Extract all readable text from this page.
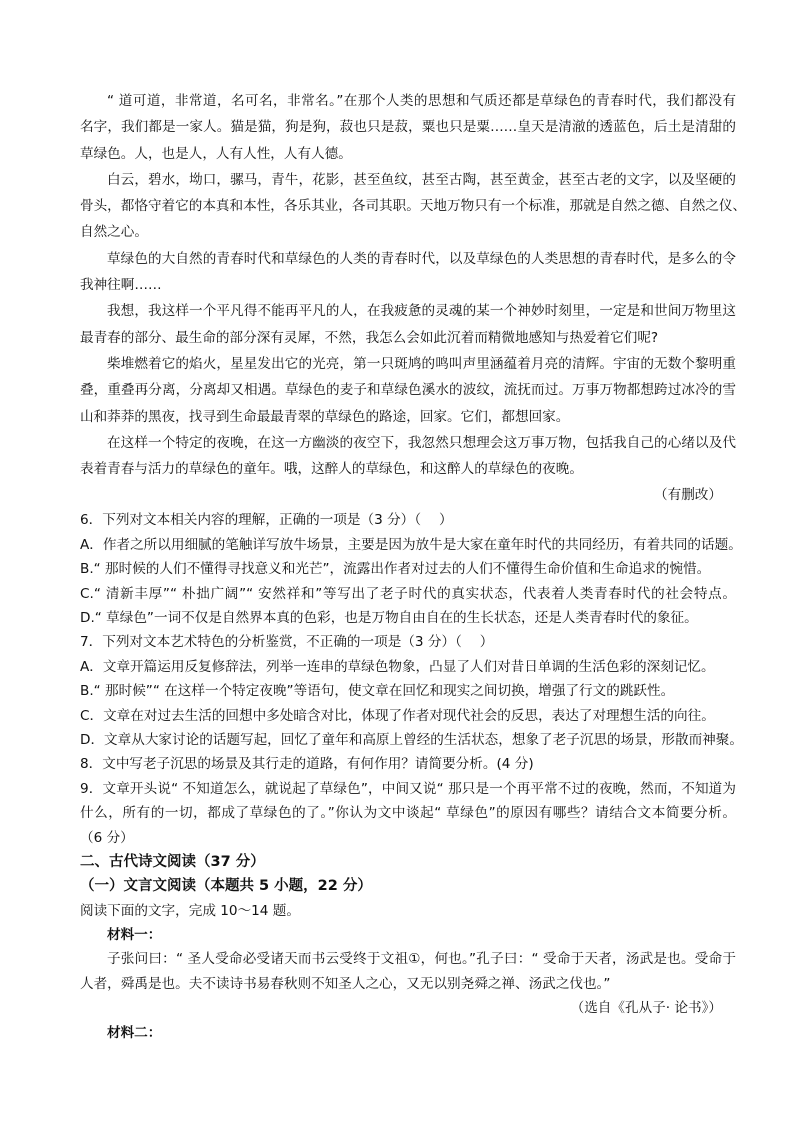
“ 道可道，非常道，名可名，非常名。”在那个人类的思想和气质还都是草绿色的青春时代，我们都没有
名字，我们都是一家人。猫是猫，狗是狗，菽也只是菽，粟也只是粟……皇天是清澈的透蓝色，后土是清甜的
草绿色。人，也是人，人有人性，人有人德。
白云，碧水，坳口，骡马，青牛，花影，甚至鱼纹，甚至古陶，甚至黄金，甚至古老的文字，以及坚硬的
骨头，都恪守着它的本真和本性，各乐其业，各司其职。天地万物只有一个标准，那就是自然之德、自然之仪、
自然之心。
草绿色的大自然的青春时代和草绿色的人类的青春时代，以及草绿色的人类思想的青春时代，是多么的令
我神往啊……
我想，我这样一个平凡得不能再平凡的人，在我疲惫的灵魂的某一个神妙时刻里，一定是和世间万物里这
最青春的部分、最生命的部分深有灵犀，不然，我怎么会如此沉着而精微地感知与热爱着它们呢?
柴堆燃着它的焰火，星星发出它的光亮，第一只斑鸠的鸣叫声里涵蕴着月亮的清辉。宇宙的无数个黎明重
叠，重叠再分离，分离却又相遇。草绿色的麦子和草绿色溪水的波纹，流抚而过。万事万物都想跨过冰冷的雪
山和莽莽的黑夜，找寻到生命最最青翠的草绿色的路途，回家。它们，都想回家。
在这样一个特定的夜晚，在这一方幽淡的夜空下，我忽然只想理会这万事万物，包括我自己的心绪以及代
表着青春与活力的草绿色的童年。哦，这醉人的草绿色，和这醉人的草绿色的夜晚。
（有删改）
6．下列对文本相关内容的理解，正确的一项是（3 分）（　 ）
A．作者之所以用细腻的笔触详写放牛场景，主要是因为放牛是大家在童年时代的共同经历，有着共同的话题。
B.“ 那时候的人们不懂得寻找意义和光芒”，流露出作者对过去的人们不懂得生命价值和生命追求的惋惜。
C.“ 清新丰厚”“ 朴拙广阔”“ 安然祥和”等写出了老子时代的真实状态，代表着人类青春时代的社会特点。
D.“ 草绿色”一词不仅是自然界本真的色彩，也是万物自由自在的生长状态，还是人类青春时代的象征。
7．下列对文本艺术特色的分析鉴赏，不正确的一项是（3 分）（　 ）
A．文章开篇运用反复修辞法，列举一连串的草绿色物象，凸显了人们对昔日单调的生活色彩的深刻记忆。
B.“ 那时候”“ 在这样一个特定夜晚”等语句，使文章在回忆和现实之间切换，增强了行文的跳跃性。
C．文章在对过去生活的回想中多处暗含对比，体现了作者对现代社会的反思，表达了对理想生活的向往。
D．文章从大家讨论的话题写起，回忆了童年和高原上曾经的生活状态，想象了老子沉思的场景，形散而神聚。
8．文中写老子沉思的场景及其行走的道路，有何作用？请简要分析。(4 分)
9．文章开头说“ 不知道怎么，就说起了草绿色”，中间又说“ 那只是一个再平常不过的夜晚，然而，不知道为
什么，所有的一切，都成了草绿色的了。”你认为文中谈起“ 草绿色”的原因有哪些？请结合文本简要分析。
（6 分）
二、古代诗文阅读（37 分）
（一）文言文阅读（本题共 5 小题，22 分）
阅读下面的文字，完成 10～14 题。
材料一：
子张问曰：“ 圣人受命必受诸天而书云受终于文祖①，何也。”孔子曰：“ 受命于天者，汤武是也。受命于
人者，舜禹是也。夫不读诗书易春秋则不知圣人之心，又无以别尧舜之禅、汤武之伐也。”
（选自《孔从子· 论书》）
材料二：
